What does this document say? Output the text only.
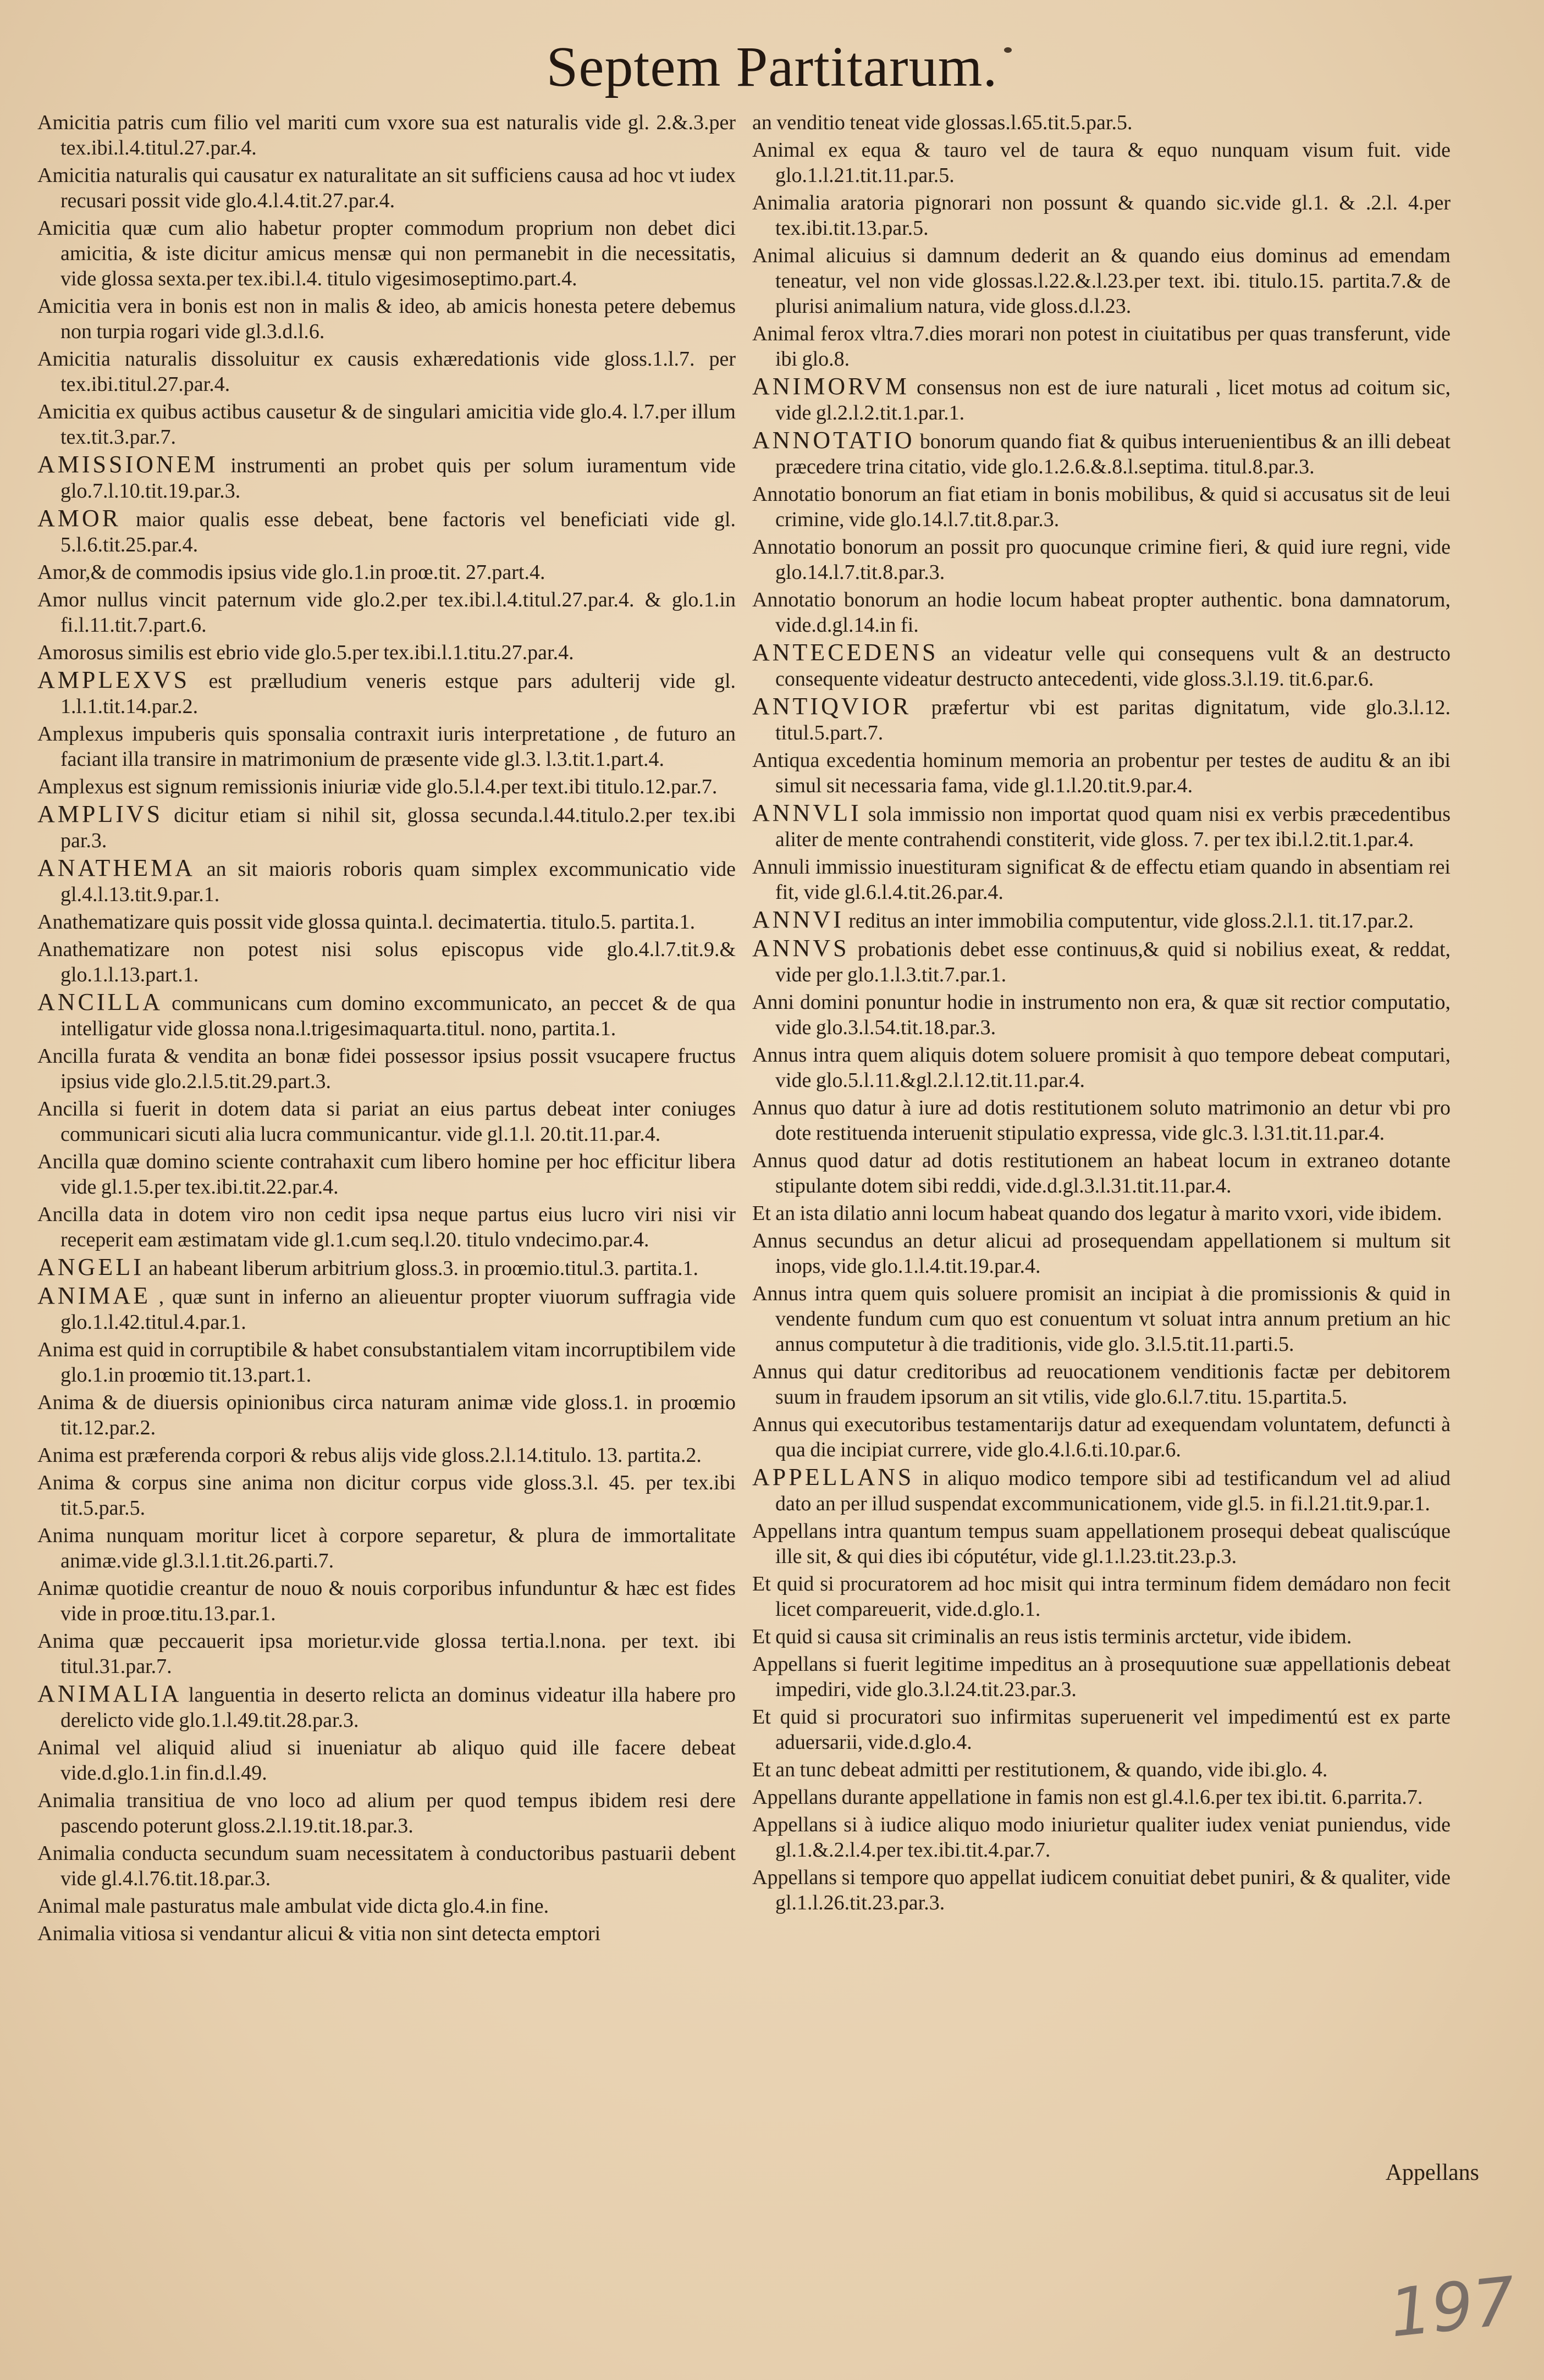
Septem Partitarum.

Amicitia patris cum filio vel mariti cum vxore sua est naturalis vide gl. 2.&.3.per tex.ibi.l.4.titul.27.par.4.

Amicitia naturalis qui causatur ex naturalitate an sit sufficiens causa ad hoc vt iudex recusari possit vide glo.4.l.4.tit.27.par.4.

Amicitia quæ cum alio habetur propter commodum proprium non debet dici amicitia, & iste dicitur amicus mensæ qui non permanebit in die necessitatis, vide glossa sexta.per tex.ibi.l.4. titulo vigesimoseptimo.part.4.

Amicitia vera in bonis est non in malis & ideo, ab amicis honesta petere debemus non turpia rogari vide gl.3.d.l.6.

Amicitia naturalis dissoluitur ex causis exhæredationis vide gloss.1.l.7. per tex.ibi.titul.27.par.4.

Amicitia ex quibus actibus causetur & de singulari amicitia vide glo.4. l.7.per illum tex.tit.3.par.7.

AMISSIONEM instrumenti an probet quis per solum iuramentum vide glo.7.l.10.tit.19.par.3.

AMOR maior qualis esse debeat, bene factoris vel beneficiati vide gl. 5.l.6.tit.25.par.4.

Amor,& de commodis ipsius vide glo.1.in proœ.tit. 27.part.4.

Amor nullus vincit paternum vide glo.2.per tex.ibi.l.4.titul.27.par.4. & glo.1.in fi.l.11.tit.7.part.6.

Amorosus similis est ebrio vide glo.5.per tex.ibi.l.1.titu.27.par.4.

AMPLEXVS est prælludium veneris estque pars adulterij vide gl. 1.l.1.tit.14.par.2.

Amplexus impuberis quis sponsalia contraxit iuris interpretatione , de futuro an faciant illa transire in matrimonium de præsente vide gl.3. l.3.tit.1.part.4.

Amplexus est signum remissionis iniuriæ vide glo.5.l.4.per text.ibi titulo.12.par.7.

AMPLIVS dicitur etiam si nihil sit, glossa secunda.l.44.titulo.2.per tex.ibi par.3.

ANATHEMA an sit maioris roboris quam simplex excommunicatio vide gl.4.l.13.tit.9.par.1.

Anathematizare quis possit vide glossa quinta.l. decimatertia. titulo.5. partita.1.

Anathematizare non potest nisi solus episcopus vide glo.4.l.7.tit.9.& glo.1.l.13.part.1.

ANCILLA communicans cum domino excommunicato, an peccet & de qua intelligatur vide glossa nona.l.trigesimaquarta.titul. nono, partita.1.

Ancilla furata & vendita an bonæ fidei possessor ipsius possit vsucapere fructus ipsius vide glo.2.l.5.tit.29.part.3.

Ancilla si fuerit in dotem data si pariat an eius partus debeat inter coniuges communicari sicuti alia lucra communicantur. vide gl.1.l. 20.tit.11.par.4.

Ancilla quæ domino sciente contrahaxit cum libero homine per hoc efficitur libera vide gl.1.5.per tex.ibi.tit.22.par.4.

Ancilla data in dotem viro non cedit ipsa neque partus eius lucro viri nisi vir receperit eam æstimatam vide gl.1.cum seq.l.20. titulo vndecimo.par.4.

ANGELI an habeant liberum arbitrium gloss.3. in proœmio.titul.3. partita.1.

ANIMAE , quæ sunt in inferno an alieuentur propter viuorum suffragia vide glo.1.l.42.titul.4.par.1.

Anima est quid in corruptibile & habet consubstantialem vitam incorruptibilem vide glo.1.in proœmio tit.13.part.1.

Anima & de diuersis opinionibus circa naturam animæ vide gloss.1. in proœmio tit.12.par.2.

Anima est præferenda corpori & rebus alijs vide gloss.2.l.14.titulo. 13. partita.2.

Anima & corpus sine anima non dicitur corpus vide gloss.3.l. 45. per tex.ibi tit.5.par.5.

Anima nunquam moritur licet à corpore separetur, & plura de immortalitate animæ.vide gl.3.l.1.tit.26.parti.7.

Animæ quotidie creantur de nouo & nouis corporibus infunduntur & hæc est fides vide in proœ.titu.13.par.1.

Anima quæ peccauerit ipsa morietur.vide glossa tertia.l.nona. per text. ibi titul.31.par.7.

ANIMALIA languentia in deserto relicta an dominus videatur illa habere pro derelicto vide glo.1.l.49.tit.28.par.3.

Animal vel aliquid aliud si inueniatur ab aliquo quid ille facere debeat vide.d.glo.1.in fin.d.l.49.

Animalia transitiua de vno loco ad alium per quod tempus ibidem resi dere pascendo poterunt gloss.2.l.19.tit.18.par.3.

Animalia conducta secundum suam necessitatem à conductoribus pastuarii debent vide gl.4.l.76.tit.18.par.3.

Animal male pasturatus male ambulat vide dicta glo.4.in fine.

Animalia vitiosa si vendantur alicui & vitia non sint detecta emptori

an venditio teneat vide glossas.l.65.tit.5.par.5.

Animal ex equa & tauro vel de taura & equo nunquam visum fuit. vide glo.1.l.21.tit.11.par.5.

Animalia aratoria pignorari non possunt & quando sic.vide gl.1. & .2.l. 4.per tex.ibi.tit.13.par.5.

Animal alicuius si damnum dederit an & quando eius dominus ad emendam teneatur, vel non vide glossas.l.22.&.l.23.per text. ibi. titulo.15. partita.7.& de plurisi animalium natura, vide gloss.d.l.23.

Animal ferox vltra.7.dies morari non potest in ciuitatibus per quas transferunt, vide ibi glo.8.

ANIMORVM consensus non est de iure naturali , licet motus ad coitum sic, vide gl.2.l.2.tit.1.par.1.

ANNOTATIO bonorum quando fiat & quibus interuenientibus & an illi debeat præcedere trina citatio, vide glo.1.2.6.&.8.l.septima. titul.8.par.3.

Annotatio bonorum an fiat etiam in bonis mobilibus, & quid si accusatus sit de leui crimine, vide glo.14.l.7.tit.8.par.3.

Annotatio bonorum an possit pro quocunque crimine fieri, & quid iure regni, vide glo.14.l.7.tit.8.par.3.

Annotatio bonorum an hodie locum habeat propter authentic. bona damnatorum, vide.d.gl.14.in fi.

ANTECEDENS an videatur velle qui consequens vult & an destructo consequente videatur destructo antecedenti, vide gloss.3.l.19. tit.6.par.6.

ANTIQVIOR præfertur vbi est paritas dignitatum, vide glo.3.l.12. titul.5.part.7.

Antiqua excedentia hominum memoria an probentur per testes de auditu & an ibi simul sit necessaria fama, vide gl.1.l.20.tit.9.par.4.

ANNVLI sola immissio non importat quod quam nisi ex verbis præcedentibus aliter de mente contrahendi constiterit, vide gloss. 7. per tex ibi.l.2.tit.1.par.4.

Annuli immissio inuestituram significat & de effectu etiam quando in absentiam rei fit, vide gl.6.l.4.tit.26.par.4.

ANNVI reditus an inter immobilia computentur, vide gloss.2.l.1. tit.17.par.2.

ANNVS probationis debet esse continuus,& quid si nobilius exeat, & reddat, vide per glo.1.l.3.tit.7.par.1.

Anni domini ponuntur hodie in instrumento non era, & quæ sit rectior computatio, vide glo.3.l.54.tit.18.par.3.

Annus intra quem aliquis dotem soluere promisit à quo tempore debeat computari, vide glo.5.l.11.&gl.2.l.12.tit.11.par.4.

Annus quo datur à iure ad dotis restitutionem soluto matrimonio an detur vbi pro dote restituenda interuenit stipulatio expressa, vide glc.3. l.31.tit.11.par.4.

Annus quod datur ad dotis restitutionem an habeat locum in extraneo dotante stipulante dotem sibi reddi, vide.d.gl.3.l.31.tit.11.par.4.

Et an ista dilatio anni locum habeat quando dos legatur à marito vxori, vide ibidem.

Annus secundus an detur alicui ad prosequendam appellationem si multum sit inops, vide glo.1.l.4.tit.19.par.4.

Annus intra quem quis soluere promisit an incipiat à die promissionis & quid in vendente fundum cum quo est conuentum vt soluat intra annum pretium an hic annus computetur à die traditionis, vide glo. 3.l.5.tit.11.parti.5.

Annus qui datur creditoribus ad reuocationem venditionis factæ per debitorem suum in fraudem ipsorum an sit vtilis, vide glo.6.l.7.titu. 15.partita.5.

Annus qui executoribus testamentarijs datur ad exequendam voluntatem, defuncti à qua die incipiat currere, vide glo.4.l.6.ti.10.par.6.

APPELLANS in aliquo modico tempore sibi ad testificandum vel ad aliud dato an per illud suspendat excommunicationem, vide gl.5. in fi.l.21.tit.9.par.1.

Appellans intra quantum tempus suam appellationem prosequi debeat qualiscúque ille sit, & qui dies ibi cóputétur, vide gl.1.l.23.tit.23.p.3.

Et quid si procuratorem ad hoc misit qui intra terminum fidem demádaro non fecit licet compareuerit, vide.d.glo.1.

Et quid si causa sit criminalis an reus istis terminis arctetur, vide ibidem.

Appellans si fuerit legitime impeditus an à prosequutione suæ appellationis debeat impediri, vide glo.3.l.24.tit.23.par.3.

Et quid si procuratori suo infirmitas superuenerit vel impedimentú est ex parte aduersarii, vide.d.glo.4.

Et an tunc debeat admitti per restitutionem, & quando, vide ibi.glo. 4.

Appellans durante appellatione in famis non est gl.4.l.6.per tex ibi.tit. 6.parrita.7.

Appellans si à iudice aliquo modo iniurietur qualiter iudex veniat puniendus, vide gl.1.&.2.l.4.per tex.ibi.tit.4.par.7.

Appellans si tempore quo appellat iudicem conuitiat debet puniri, & & qualiter, vide gl.1.l.26.tit.23.par.3.

Appellans
197
